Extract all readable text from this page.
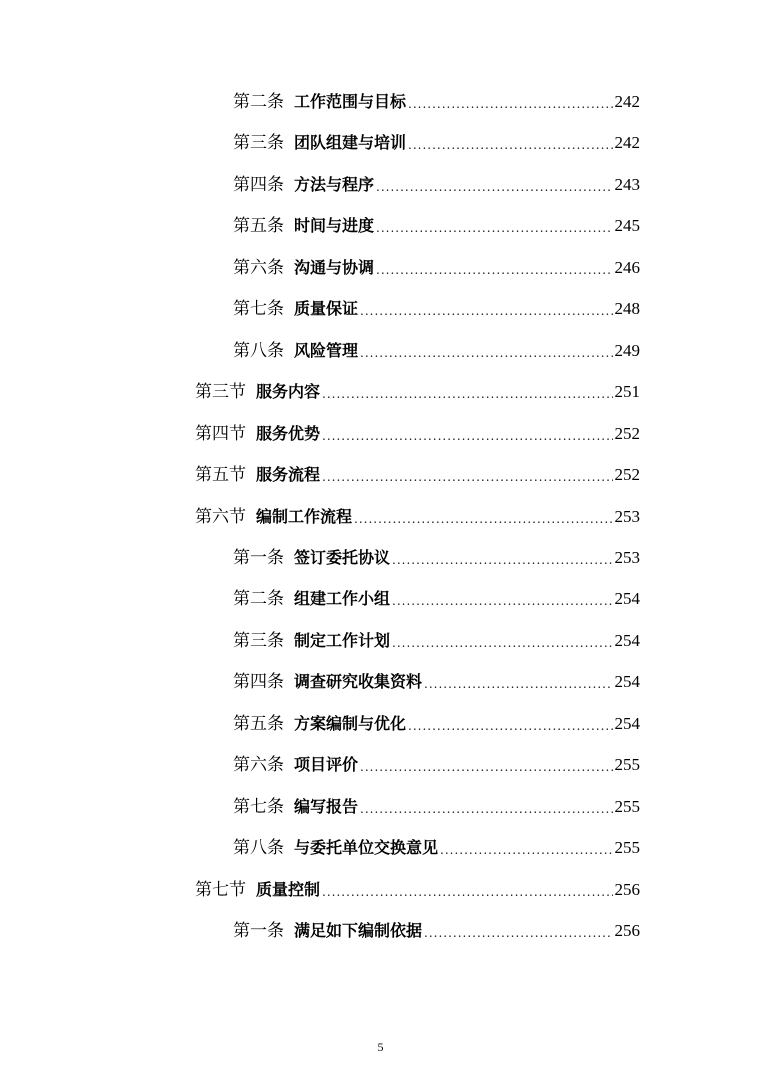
第二条 工作范围与目标 .....	242
第三条 团队组建与培训 .....	242
第四条 方法与程序 .....	243
第五条 时间与进度 .....	245
第六条 沟通与协调 .....	246
第七条 质量保证 .....	248
第八条 风险管理 .....	249
第三节 服务内容 .....	251
第四节 服务优势 .....	252
第五节 服务流程 .....	252
第六节 编制工作流程 .....	253
第一条 签订委托协议 .....	253
第二条 组建工作小组 .....	254
第三条 制定工作计划 .....	254
第四条 调查研究收集资料 .....	254
第五条 方案编制与优化 .....	254
第六条 项目评价 .....	255
第七条 编写报告 .....	255
第八条 与委托单位交换意见 .....	255
第七节 质量控制 .....	256
第一条 满足如下编制依据 .....	256
5
